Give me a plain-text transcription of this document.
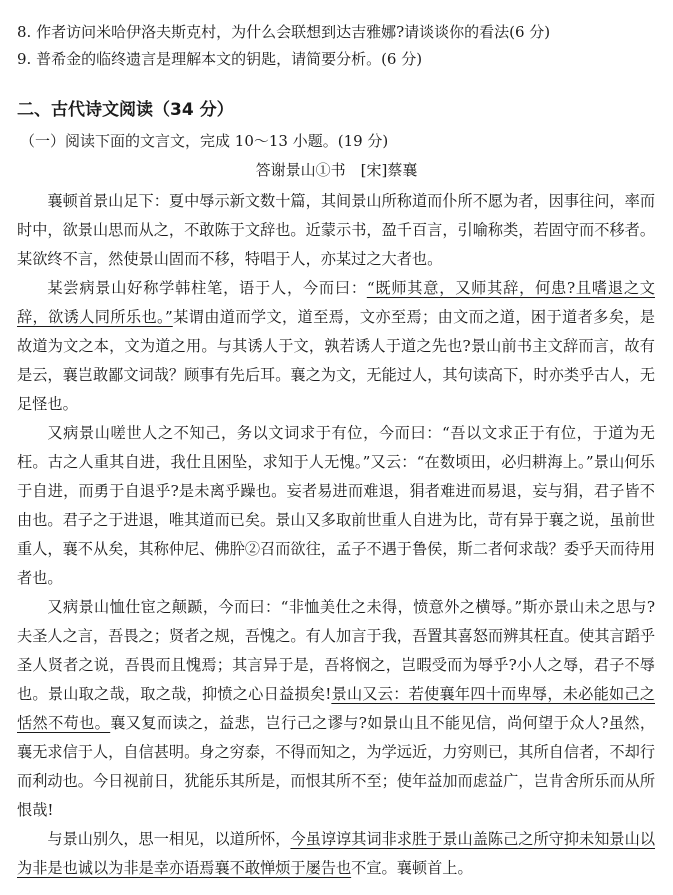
8. 作者访问米哈伊洛夫斯克村，为什么会联想到达吉雅娜?请谈谈你的看法(6 分)
9. 普希金的临终遗言是理解本文的钥匙，请简要分析。(6 分)
二、古代诗文阅读（34 分）
（一）阅读下面的文言文，完成 10～13 小题。(19 分)
答谢景山①书　[宋]蔡襄

襄顿首景山足下：夏中辱示新文数十篇，其间景山所称道而仆所不愿为者，因事往问，率而时中，欲景山思而从之，不敢陈于文辞也。近蒙示书，盈千百言，引喻称类，若固守而不移者。某欲终不言，然使景山固而不移，特唱于人，亦某过之大者也。

某尝病景山好称学韩柱笔，语于人，今而曰：“既师其意，又师其辞，何患?且嗜退之文辞，欲诱人同所乐也。”某谓由道而学文，道至焉，文亦至焉；由文而之道，困于道者多矣，是故道为文之本，文为道之用。与其诱人于文，孰若诱人于道之先也?景山前书主文辞而言，故有是云，襄岂敢鄙文词哉？顾事有先后耳。襄之为文，无能过人，其句读高下，时亦类乎古人，无足怪也。

又病景山嗟世人之不知己，务以文词求于有位，今而曰：“吾以文求正于有位，于道为无枉。古之人重其自进，我仕且困坠，求知于人无愧。”又云：“在数顷田，必归耕海上。”景山何乐于自进，而勇于自退乎?是未离乎躁也。妄者易进而难退，狷者难进而易退，妄与狷，君子皆不由也。君子之于进退，唯其道而已矣。景山又多取前世重人自进为比，苛有异于襄之说，虽前世重人，襄不从矣，其称仲尼、佛肸②召而欲往，孟子不遇于鲁侯，斯二者何求哉？委乎天而待用者也。

又病景山恤仕宦之颠踬，今而曰：“非恤美仕之未得，愤意外之横辱。”斯亦景山未之思与?夫圣人之言，吾畏之；贤者之规，吾愧之。有人加言于我，吾置其喜怒而辨其枉直。使其言蹈乎圣人贤者之说，吾畏而且愧焉；其言异于是，吾将悯之，岂暇受而为辱乎?小人之辱，君子不辱也。景山取之哉，取之哉，抑愤之心日益损矣!景山又云：若使襄年四十而卑辱，未必能如己之恬然不苟也。襄又复而读之，益悲，岂行己之谬与?如景山且不能见信，尚何望于众人?虽然，襄无求信于人，自信甚明。身之穷泰，不得而知之，为学远近，力穷则已，其所自信者，不却行而利动也。今日视前日，犹能乐其所是，而恨其所不至；使年益加而虑益广，岂肯舍所乐而从所恨哉!

与景山别久，思一相见，以道所怀，今虽谆谆其词非求胜于景山盖陈己之所守抑未知景山以为非是也诚以为非是幸亦语焉襄不敢惮烦于屡告也不宣。襄顿首上。
